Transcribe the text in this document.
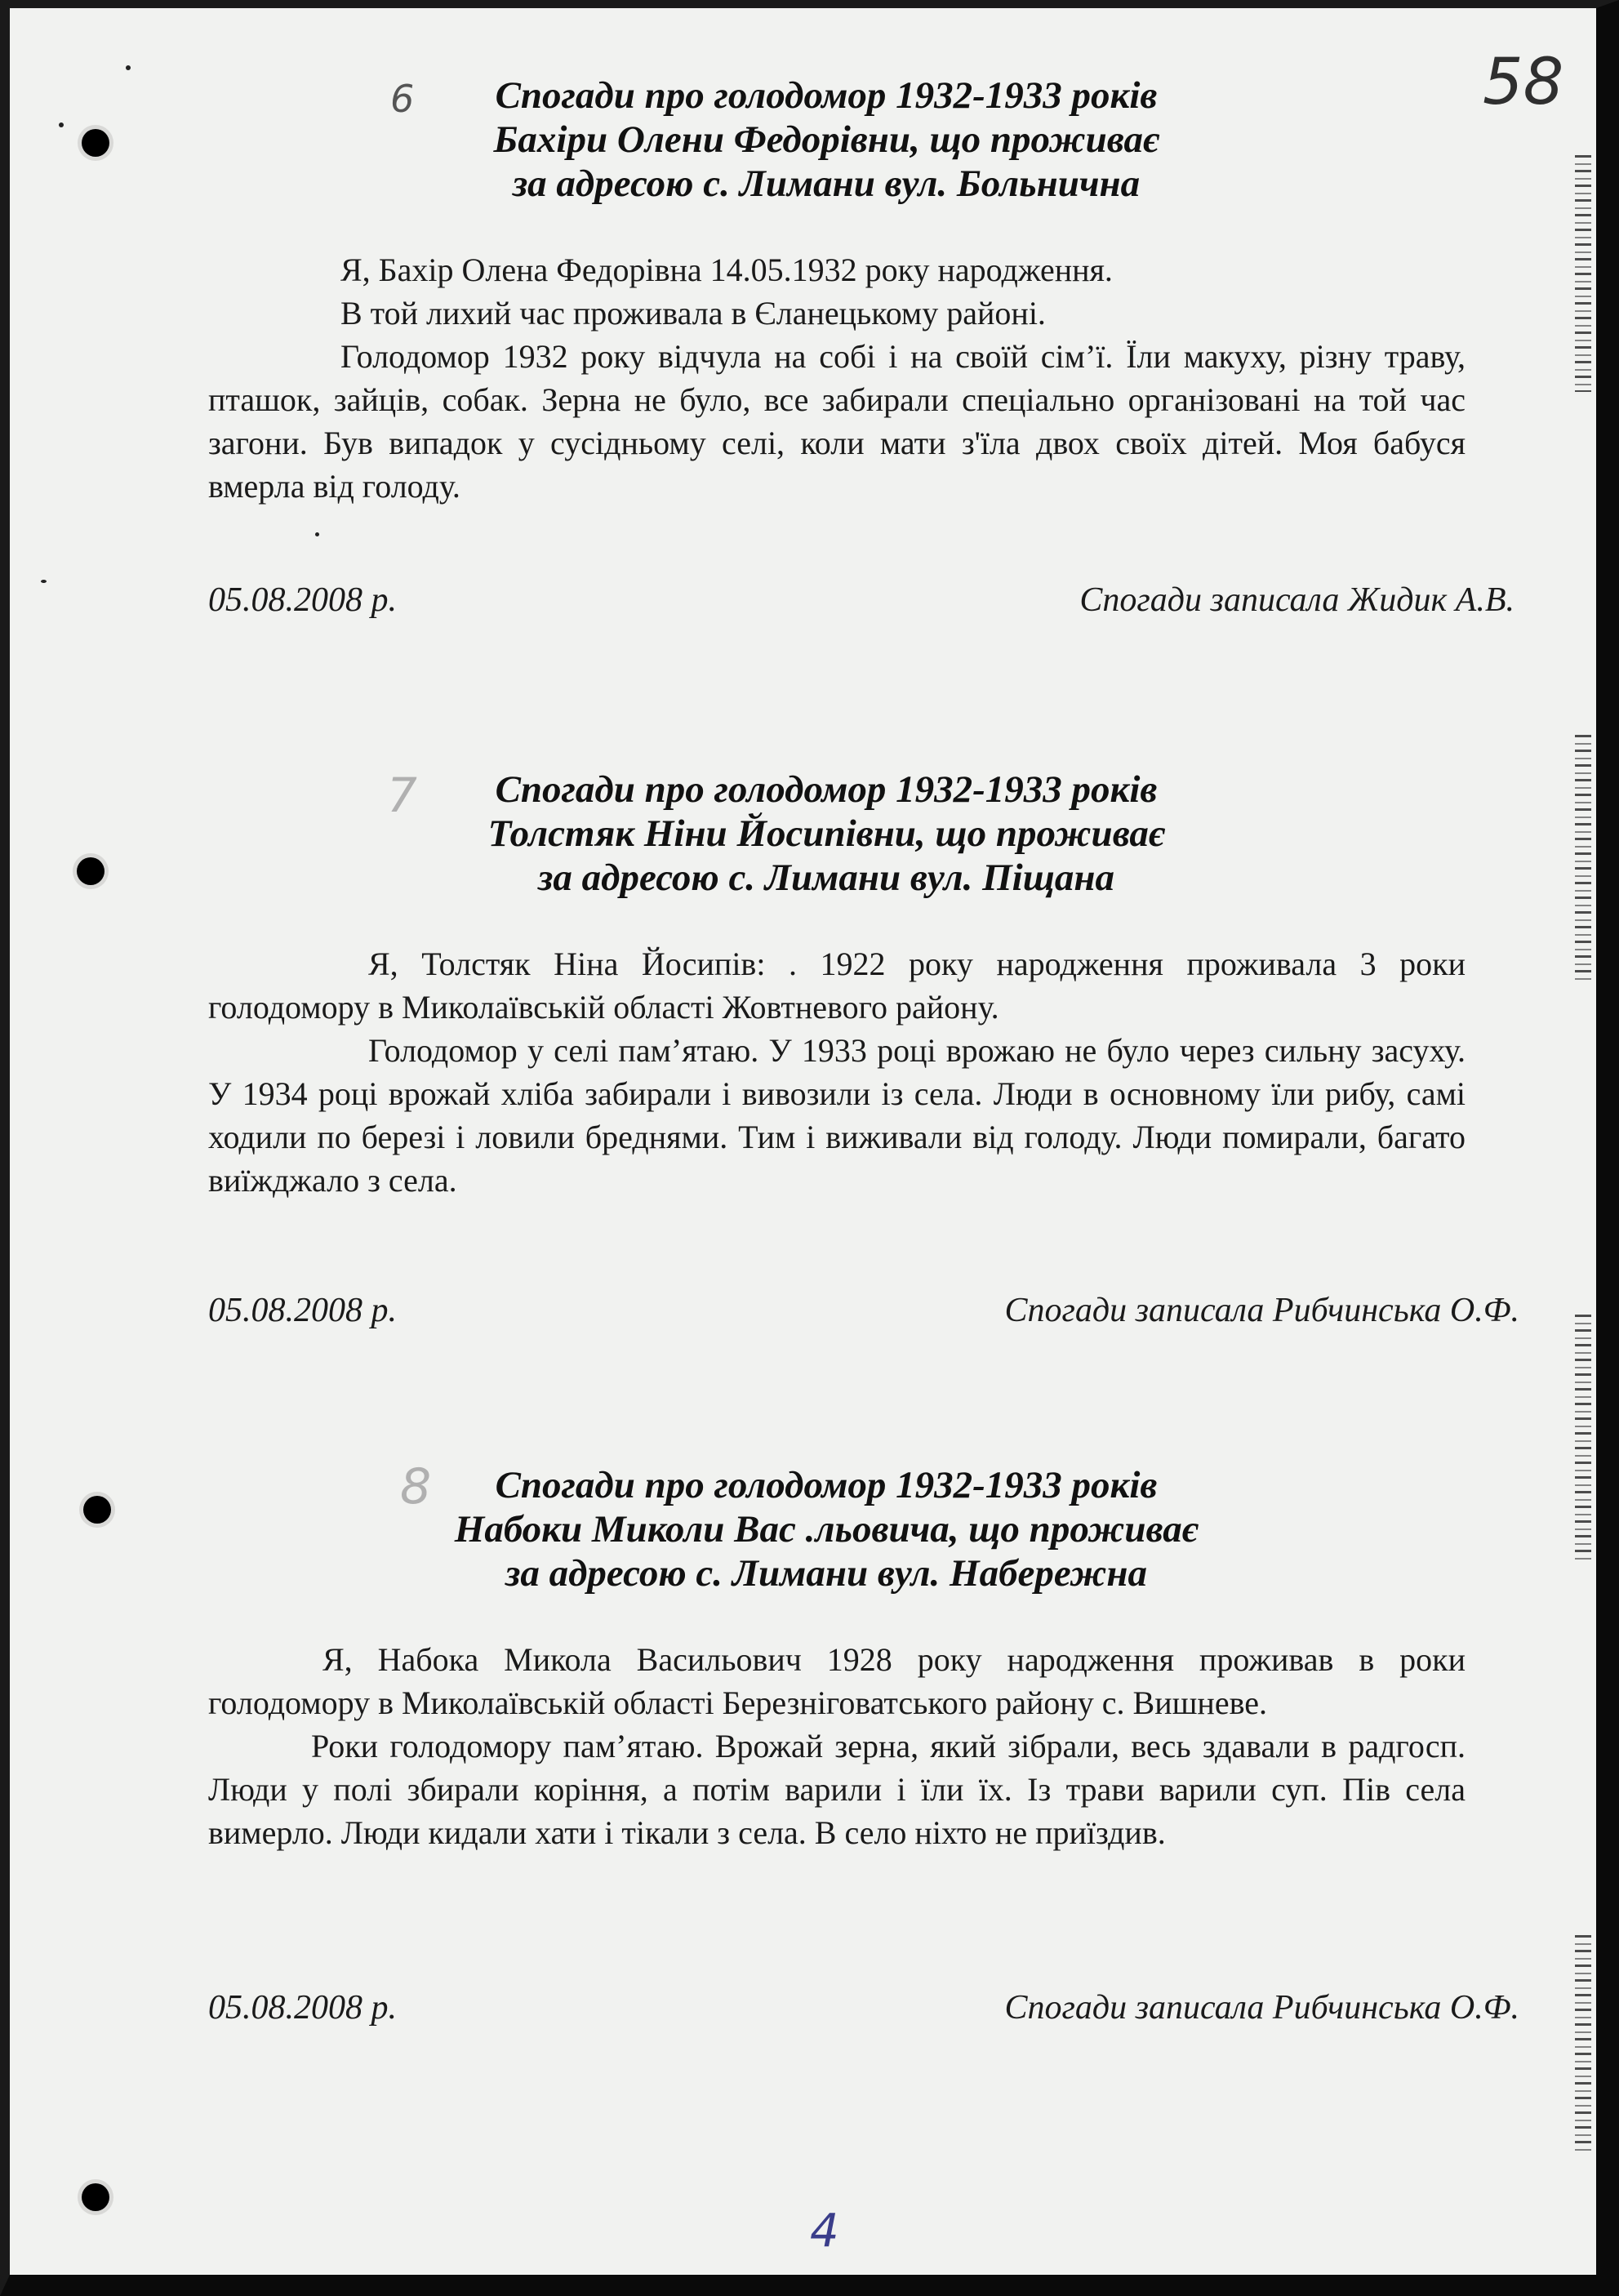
58
4
6	Спогади про голодомор 1932-1933 років
Бахіри Олени Федорівни, що проживає
за адресою с. Лимани вул. Больнична

Я, Бахір Олена Федорівна 14.05.1932 року народження.

В той лихий час проживала в Єланецькому районі.

Голодомор 1932 року відчула на собі і на своїй сім’ї. Їли макуху, різну траву, пташок, зайців, собак. Зерна не було, все забирали спеціально організовані на той час загони. Був випадок у сусідньому селі, коли мати з'їла двох своїх дітей. Моя бабуся вмерла від голоду.

05.08.2008 р.	Спогади записала Жидик А.В.
7	Спогади про голодомор 1932-1933 років
Толстяк Ніни Йосипівни, що проживає
за адресою с. Лимани вул. Піщана

Я, Толстяк Ніна Йосипів: . 1922 року народження проживала 3 роки голодомору в Миколаївській області Жовтневого району.

Голодомор у селі пам’ятаю. У 1933 році врожаю не було через сильну засуху. У 1934 році врожай хліба забирали і вивозили із села. Люди в основному їли рибу, самі ходили по березі і ловили бреднями. Тим і виживали від голоду. Люди помирали, багато виїжджало з села.

05.08.2008 р.	Спогади записала Рибчинська О.Ф.
8	Спогади про голодомор 1932-1933 років
Набоки Миколи Вас .льовича, що проживає
за адресою с. Лимани вул. Набережна

Я, Набока Микола Васильович 1928 року народження проживав в роки голодомору в Миколаївській області Березніговатського району с. Вишневе.

Роки голодомору пам’ятаю. Врожай зерна, який зібрали, весь здавали в радгосп. Люди у полі збирали коріння, а потім варили і їли їх. Із трави варили суп. Пів села вимерло. Люди кидали хати і тікали з села. В село ніхто не приїздив.

05.08.2008 р.	Спогади записала Рибчинська О.Ф.
